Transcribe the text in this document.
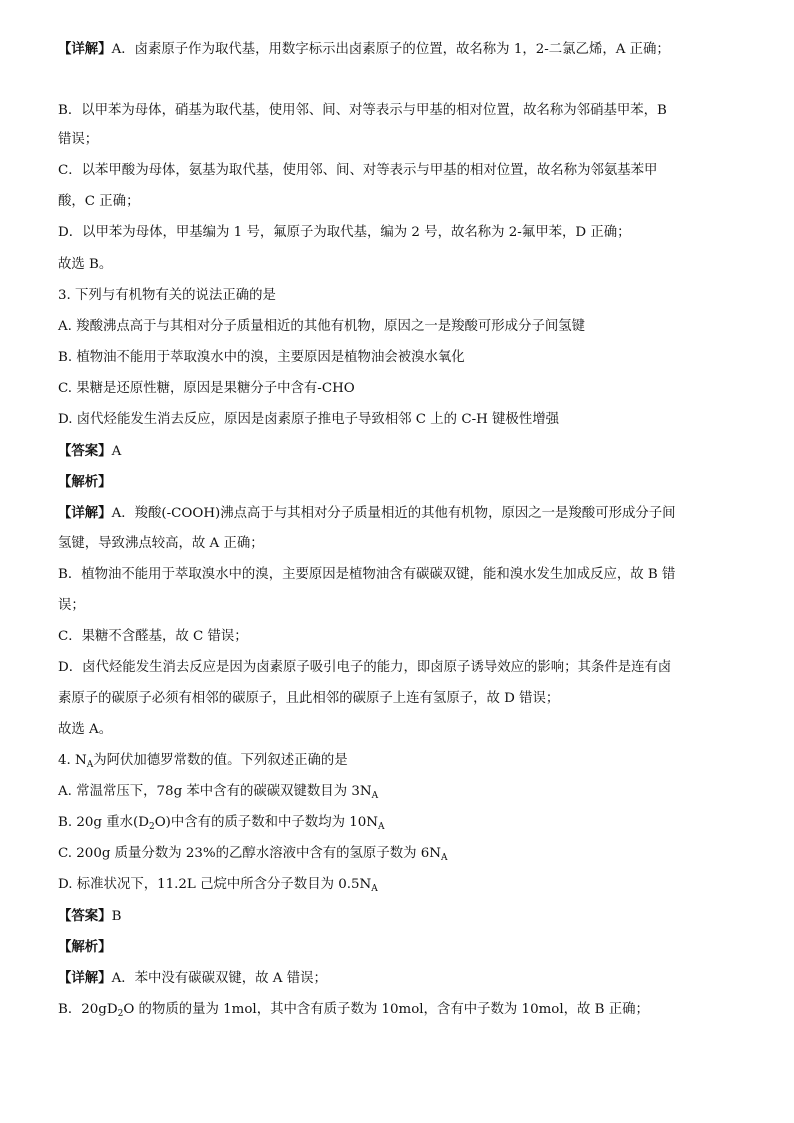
【详解】A．卤素原子作为取代基，用数字标示出卤素原子的位置，故名称为 1，2-二氯乙烯，A 正确；
B．以甲苯为母体，硝基为取代基，使用邻、间、对等表示与甲基的相对位置，故名称为邻硝基甲苯，B
错误；
C．以苯甲酸为母体，氨基为取代基，使用邻、间、对等表示与甲基的相对位置，故名称为邻氨基苯甲
酸，C 正确；
D．以甲苯为母体，甲基编为 1 号，氟原子为取代基，编为 2 号，故名称为 2-氟甲苯，D 正确；
故选 B。
3. 下列与有机物有关的说法正确的是
A. 羧酸沸点高于与其相对分子质量相近的其他有机物，原因之一是羧酸可形成分子间氢键
B. 植物油不能用于萃取溴水中的溴，主要原因是植物油会被溴水氧化
C. 果糖是还原性糖，原因是果糖分子中含有-CHO
D. 卤代烃能发生消去反应，原因是卤素原子推电子导致相邻 C 上的 C-H 键极性增强
【答案】A
【解析】
【详解】A．羧酸(-COOH)沸点高于与其相对分子质量相近的其他有机物，原因之一是羧酸可形成分子间
氢键，导致沸点较高，故 A 正确；
B．植物油不能用于萃取溴水中的溴，主要原因是植物油含有碳碳双键，能和溴水发生加成反应，故 B 错
误；
C．果糖不含醛基，故 C 错误；
D．卤代烃能发生消去反应是因为卤素原子吸引电子的能力，即卤原子诱导效应的影响；其条件是连有卤
素原子的碳原子必须有相邻的碳原子，且此相邻的碳原子上连有氢原子，故 D 错误；
故选 A。
4. $N_A$为阿伏加德罗常数的值。下列叙述正确的是
A. 常温常压下，78g 苯中含有的碳碳双键数目为 $3N_A$
B. 20g 重水$(D_2O)$中含有的质子数和中子数均为 $10N_A$
C. 200g 质量分数为 23%的乙醇水溶液中含有的氢原子数为 $6N_A$
D. 标准状况下，11.2L 己烷中所含分子数目为 $0.5N_A$
【答案】B
【解析】
【详解】A．苯中没有碳碳双键，故 A 错误；
B．$20gD_2O$ 的物质的量为 1mol，其中含有质子数为 10mol，含有中子数为 10mol，故 B 正确；
